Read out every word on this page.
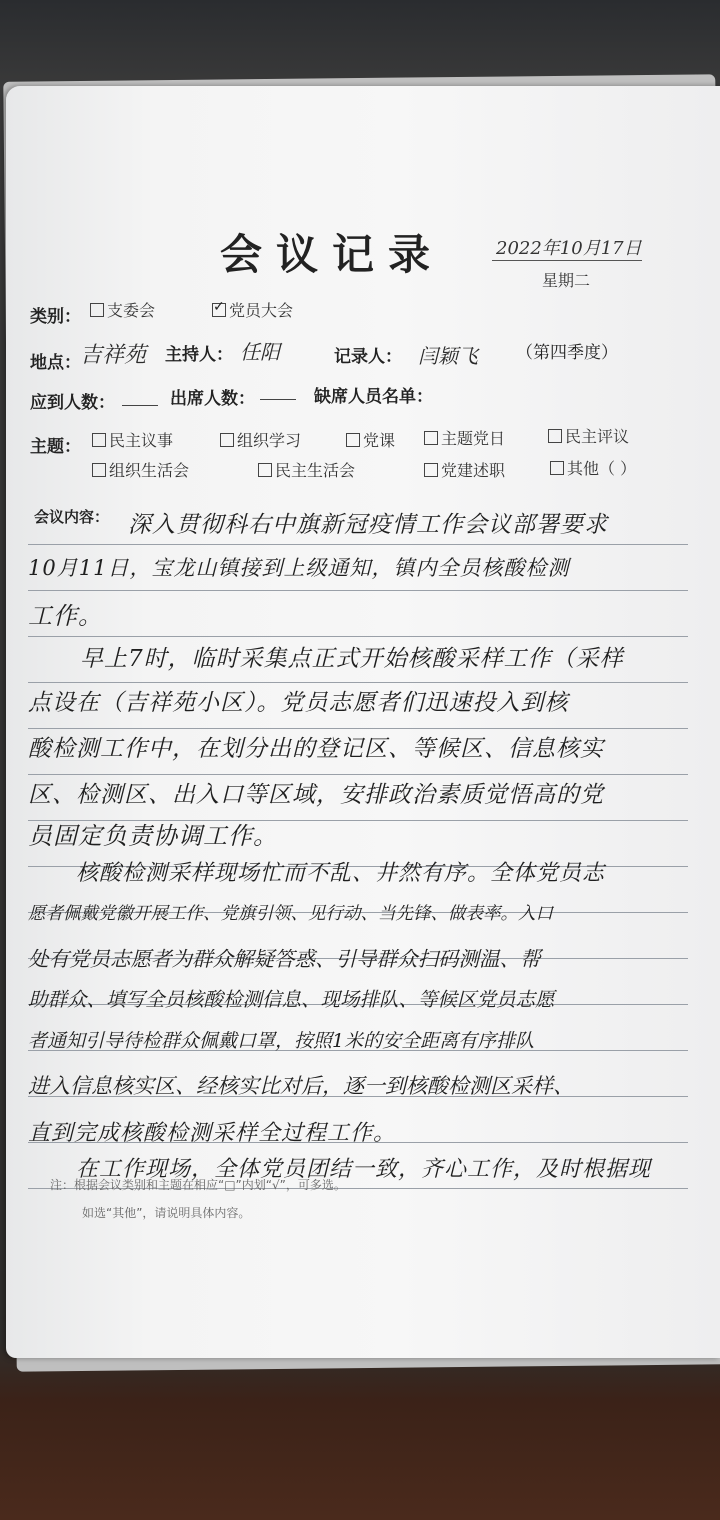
会议记录	2022年10月17日
星期二
类别：	支委会
✓	党员大会
地点： 吉祥苑 主持人： 任阳	记录人： 闫颖飞 （第四季度）
应到人数：	出席人数：	缺席人员名单：
主题：	民主议事	组织学习	党课	主题党日	民主评议
组织生活会	民主生活会	党建述职	其他（ ）
会议内容： 深入贯彻科右中旗新冠疫情工作会议部署要求
10月11日，宝龙山镇接到上级通知，镇内全员核酸检测
工作。
早上7时，临时采集点正式开始核酸采样工作（采样
点设在（吉祥苑小区）。党员志愿者们迅速投入到核
酸检测工作中，在划分出的登记区、等候区、信息核实
区、检测区、出入口等区域，安排政治素质觉悟高的党
员固定负责协调工作。
核酸检测采样现场忙而不乱、井然有序。全体党员志
愿者佩戴党徽开展工作、党旗引领、见行动、当先锋、做表率。入口
处有党员志愿者为群众解疑答惑、引导群众扫码测温、帮
助群众、填写全员核酸检测信息、现场排队、等候区党员志愿
者通知引导待检群众佩戴口罩，按照1米的安全距离有序排队
进入信息核实区、经核实比对后，逐一到核酸检测区采样、
直到完成核酸检测采样全过程工作。
在工作现场，全体党员团结一致，齐心工作，及时根据现
注：根据会议类别和主题在相应“□”内划“√”，可多选。
如选“其他”，请说明具体内容。
